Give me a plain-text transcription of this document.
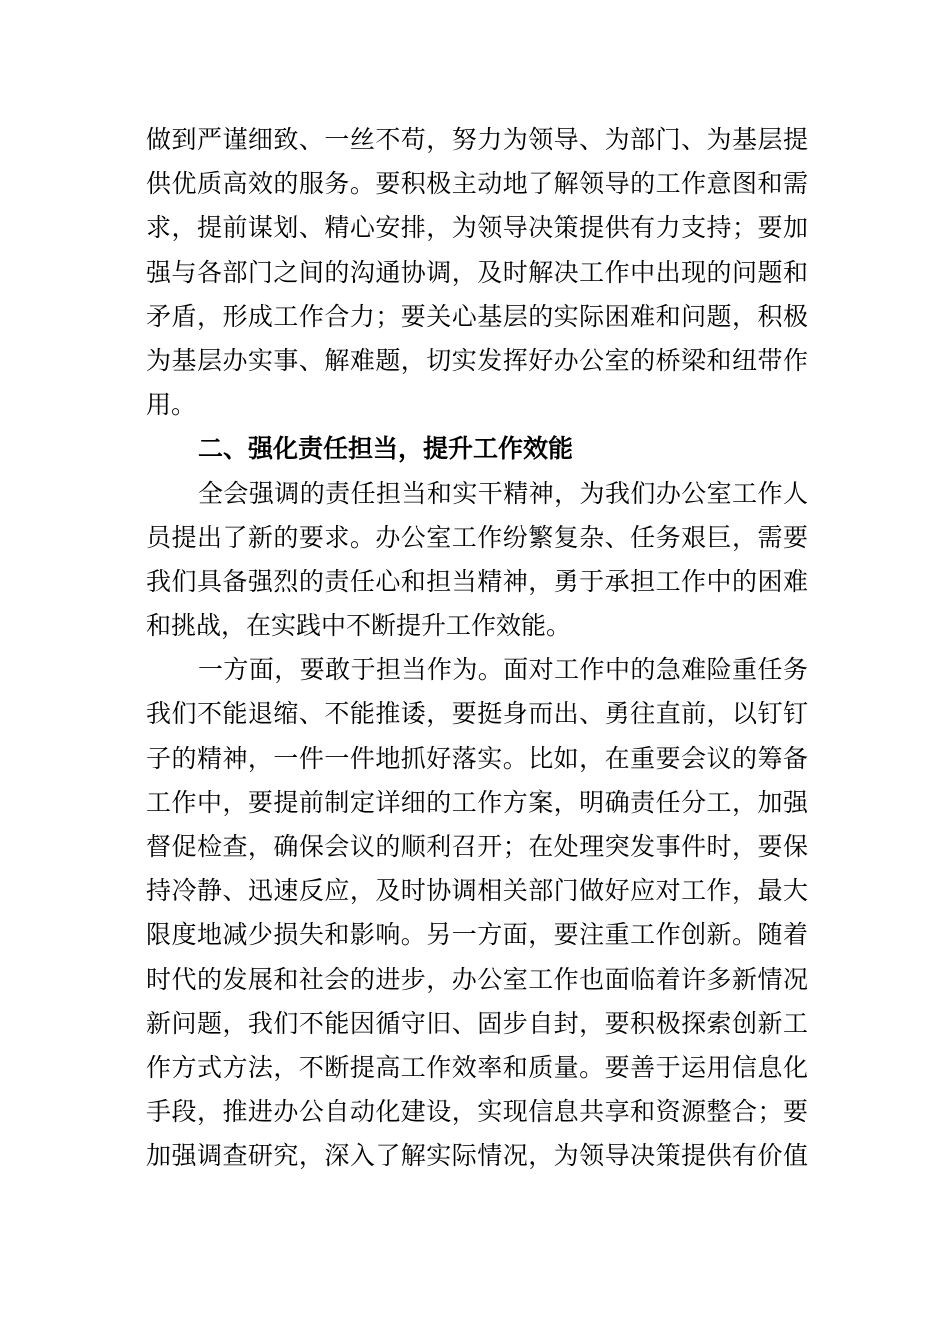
做到严谨细致、一丝不苟，努力为领导、为部门、为基层提
供优质高效的服务。要积极主动地了解领导的工作意图和需
求，提前谋划、精心安排，为领导决策提供有力支持；要加
强与各部门之间的沟通协调，及时解决工作中出现的问题和
矛盾，形成工作合力；要关心基层的实际困难和问题，积极
为基层办实事、解难题，切实发挥好办公室的桥梁和纽带作
用。
二、强化责任担当，提升工作效能
全会强调的责任担当和实干精神，为我们办公室工作人
员提出了新的要求。办公室工作纷繁复杂、任务艰巨，需要
我们具备强烈的责任心和担当精神，勇于承担工作中的困难
和挑战，在实践中不断提升工作效能。
一方面，要敢于担当作为。面对工作中的急难险重任务
我们不能退缩、不能推诿，要挺身而出、勇往直前，以钉钉
子的精神，一件一件地抓好落实。比如，在重要会议的筹备
工作中，要提前制定详细的工作方案，明确责任分工，加强
督促检查，确保会议的顺利召开；在处理突发事件时，要保
持冷静、迅速反应，及时协调相关部门做好应对工作，最大
限度地减少损失和影响。另一方面，要注重工作创新。随着
时代的发展和社会的进步，办公室工作也面临着许多新情况
新问题，我们不能因循守旧、固步自封，要积极探索创新工
作方式方法，不断提高工作效率和质量。要善于运用信息化
手段，推进办公自动化建设，实现信息共享和资源整合；要
加强调查研究，深入了解实际情况，为领导决策提供有价值
